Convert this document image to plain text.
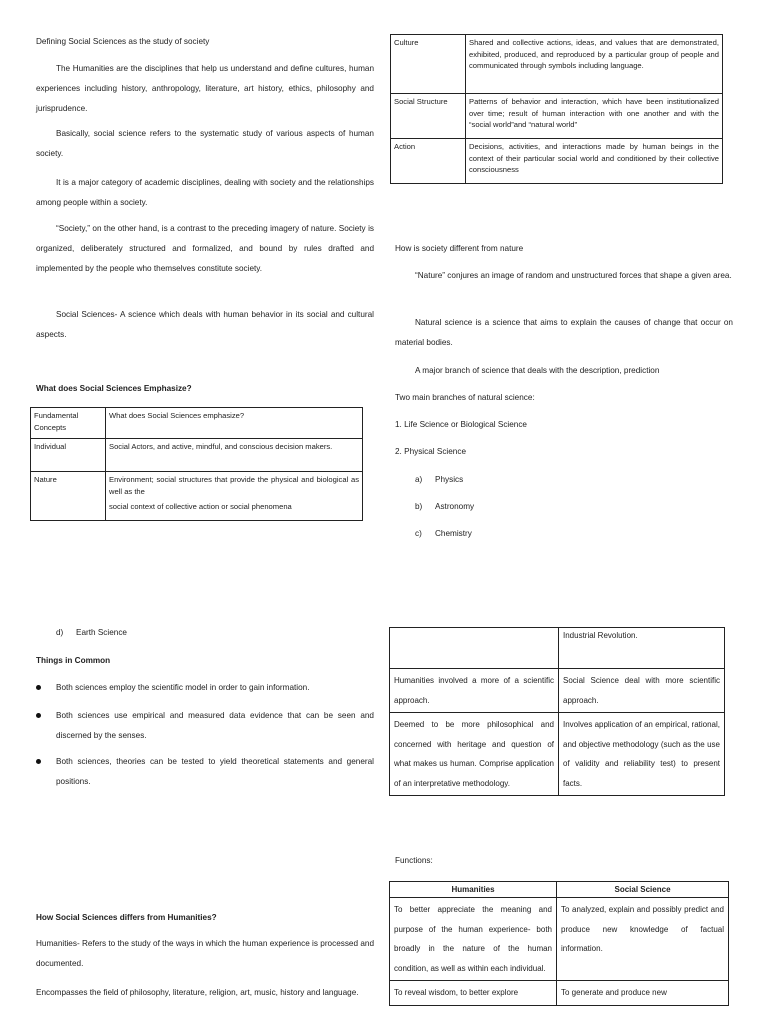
Defining Social Sciences as the study of society
The Humanities are the disciplines that help us understand and define cultures, human experiences including history, anthropology, literature, art history, ethics, philosophy and jurisprudence.
Basically, social science refers to the systematic study of various aspects of human society.
It is a major category of academic disciplines, dealing with society and the relationships among people within a society.
“Society,” on the other hand, is a contrast to the preceding imagery of nature. Society is organized, deliberately structured and formalized, and bound by rules drafted and implemented by the people who themselves constitute society.
Social Sciences- A science which deals with human behavior in its social and cultural aspects.
What does Social Sciences Emphasize?
Fundamental Concepts	What does Social Sciences emphasize?
Individual	Social Actors, and active, mindful, and conscious decision makers.
Nature	Environment; social structures that provide the physical and biological as well as the
social context of collective action or social phenomena
Culture	Shared and collective actions, ideas, and values that are demonstrated, exhibited, produced, and reproduced by a particular group of people and communicated through symbols including language.
Social Structure	Patterns of behavior and interaction, which have been institutionalized over time; result of human interaction with one another and with the “social world”and “natural world”
Action	Decisions, activities, and interactions made by human beings in the context of their particular social world and conditioned by their collective consciousness
How is society different from nature
“Nature” conjures an image of random and unstructured forces that shape a given area.
Natural science is a science that aims to explain the causes of change that occur on material bodies.
A major branch of science that deals with the description, prediction
Two main branches of natural science:
1. Life Science or Biological Science
2. Physical Science
a) Physics
b) Astronomy
c) Chemistry
d) Earth Science
Things in Common
Both sciences employ the scientific model in order to gain information.
Both sciences use empirical and measured data evidence that can be seen and discerned by the senses.
Both sciences, theories can be tested to yield theoretical statements and general positions.
How Social Sciences differs from Humanities?
Humanities- Refers to the study of the ways in which the human experience is processed and documented.
Encompasses the field of philosophy, literature, religion, art, music, history and language.
	Industrial Revolution.
Humanities involved a more of a scientific approach.	Social Science deal with more scientific approach.
Deemed to be more philosophical and concerned with heritage and question of what makes us human. Comprise application of an interpretative methodology.	Involves application of an empirical, rational, and objective methodology (such as the use of validity and reliability test) to present facts.
Functions:
Humanities	Social Science
To better appreciate the meaning and purpose of the human experience- both broadly in the nature of the human condition, as well as within each individual.	To analyzed, explain and possibly predict and produce new knowledge of factual information.
To reveal wisdom, to better explore	To generate and produce new
